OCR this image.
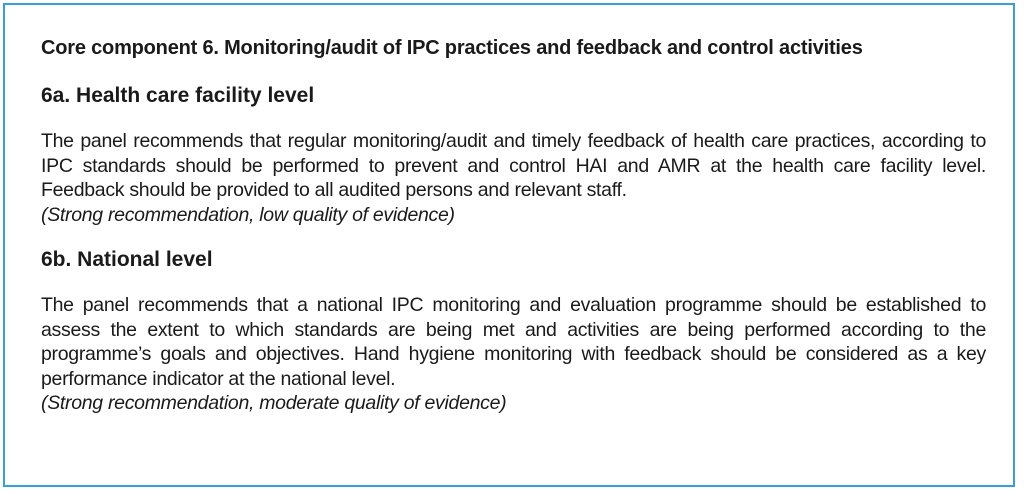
Core component 6. Monitoring/audit of IPC practices and feedback and control activities
6a. Health care facility level

The panel recommends that regular monitoring/audit and timely feedback of health care practices, according to IPC standards should be performed to prevent and control HAI and AMR at the health care facility level. Feedback should be provided to all audited persons and relevant staff.
(Strong recommendation, low quality of evidence)

6b. National level

The panel recommends that a national IPC monitoring and evaluation programme should be established to assess the extent to which standards are being met and activities are being performed according to the programme’s goals and objectives. Hand hygiene monitoring with feedback should be considered as a key performance indicator at the national level.
(Strong recommendation, moderate quality of evidence)
